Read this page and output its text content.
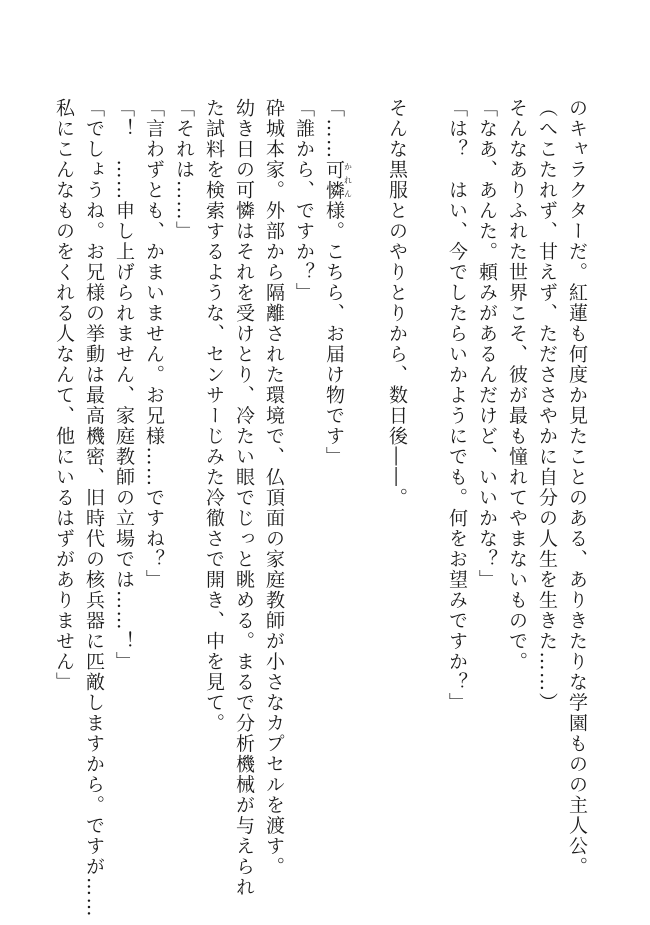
のキャラクターだ。紅蓮も何度か見たことのある、ありきたりな学園ものの主人公。
（へこたれず、甘えず、ただささやかに自分の人生を生きた……）
そんなありふれた世界こそ、彼が最も憧れてやまないもので。
「なあ、あんた。頼みがあるんだけど、いいかな？」
「は？　はい、今でしたらいかようにでも。何をお望みですか？」
そんな黒服とのやりとりから、数日後――。
「……可憐かれん様。こちら、お届け物です」
「誰から、ですか？」
砕城本家。外部から隔離された環境で、仏頂面の家庭教師が小さなカプセルを渡す。
幼き日の可憐はそれを受けとり、冷たい眼でじっと眺める。まるで分析機械が与えられ
た試料を検索するような、センサーじみた冷徹さで開き、中を見て。
「それは……」
「言わずとも、かまいません。お兄様……ですね？」
「！　……申し上げられません、家庭教師の立場では……！」
「でしょうね。お兄様の挙動は最高機密、旧時代の核兵器に匹敵しますから。ですが……
私にこんなものをくれる人なんて、他にいるはずがありません」
